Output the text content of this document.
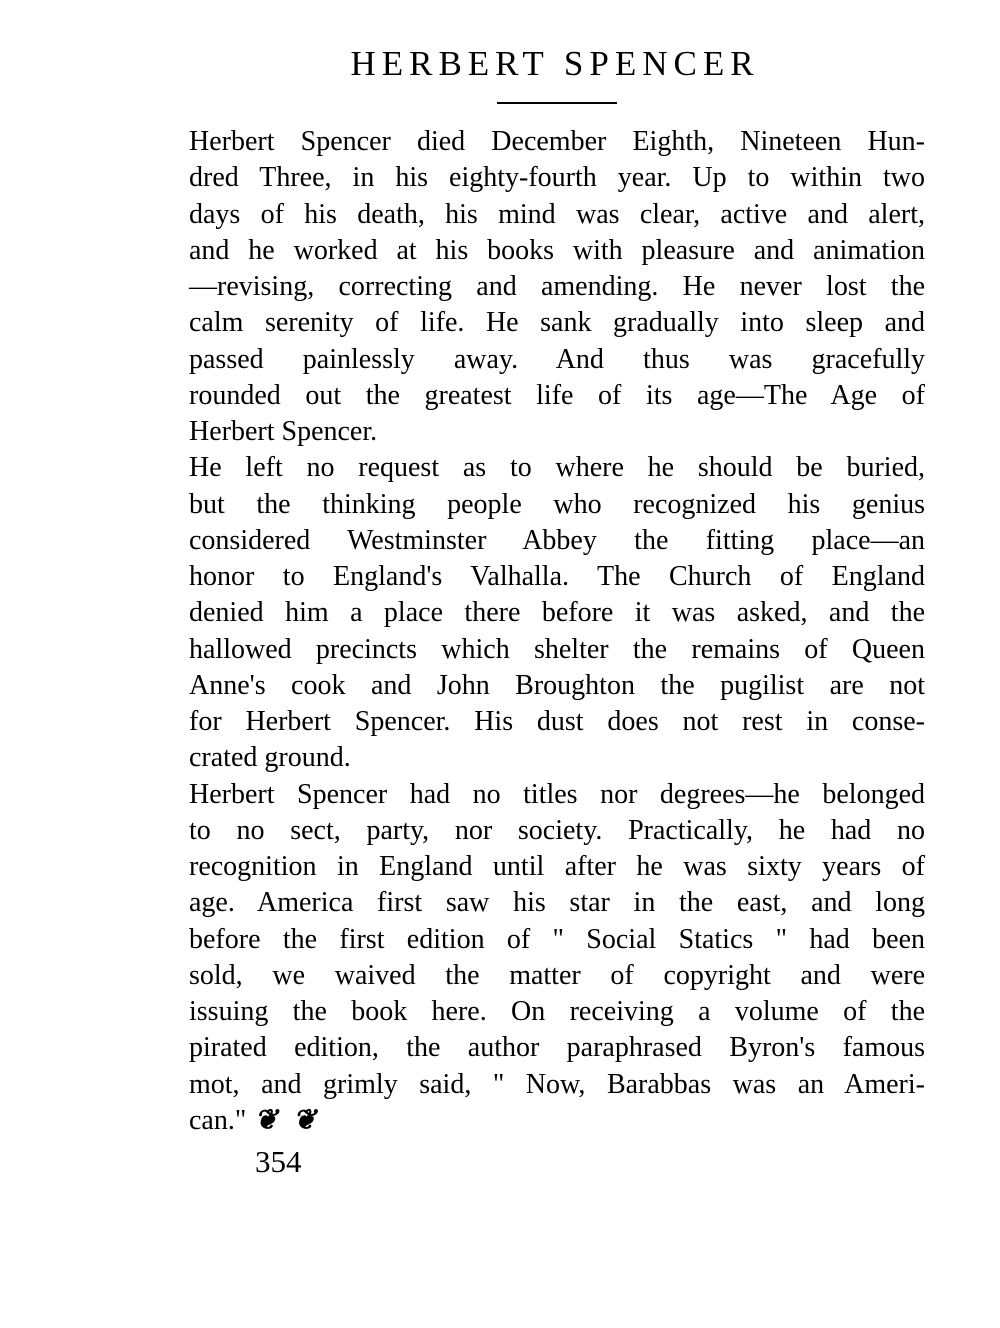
HERBERT SPENCER
Herbert Spencer died December Eighth, Nineteen Hun-
dred Three, in his eighty-fourth year. Up to within two
days of his death, his mind was clear, active and alert,
and he worked at his books with pleasure and animation
—revising, correcting and amending. He never lost the
calm serenity of life. He sank gradually into sleep and
passed painlessly away. And thus was gracefully
rounded out the greatest life of its age—The Age of
Herbert Spencer.
He left no request as to where he should be buried,
but the thinking people who recognized his genius
considered Westminster Abbey the fitting place—an
honor to England's Valhalla. The Church of England
denied him a place there before it was asked, and the
hallowed precincts which shelter the remains of Queen
Anne's cook and John Broughton the pugilist are not
for Herbert Spencer. His dust does not rest in conse-
crated ground.
Herbert Spencer had no titles nor degrees—he belonged
to no sect, party, nor society. Practically, he had no
recognition in England until after he was sixty years of
age. America first saw his star in the east, and long
before the first edition of " Social Statics " had been
sold, we waived the matter of copyright and were
issuing the book here. On receiving a volume of the
pirated edition, the author paraphrased Byron's famous
mot, and grimly said, " Now, Barabbas was an Ameri-
can." ❦ ❦
354
